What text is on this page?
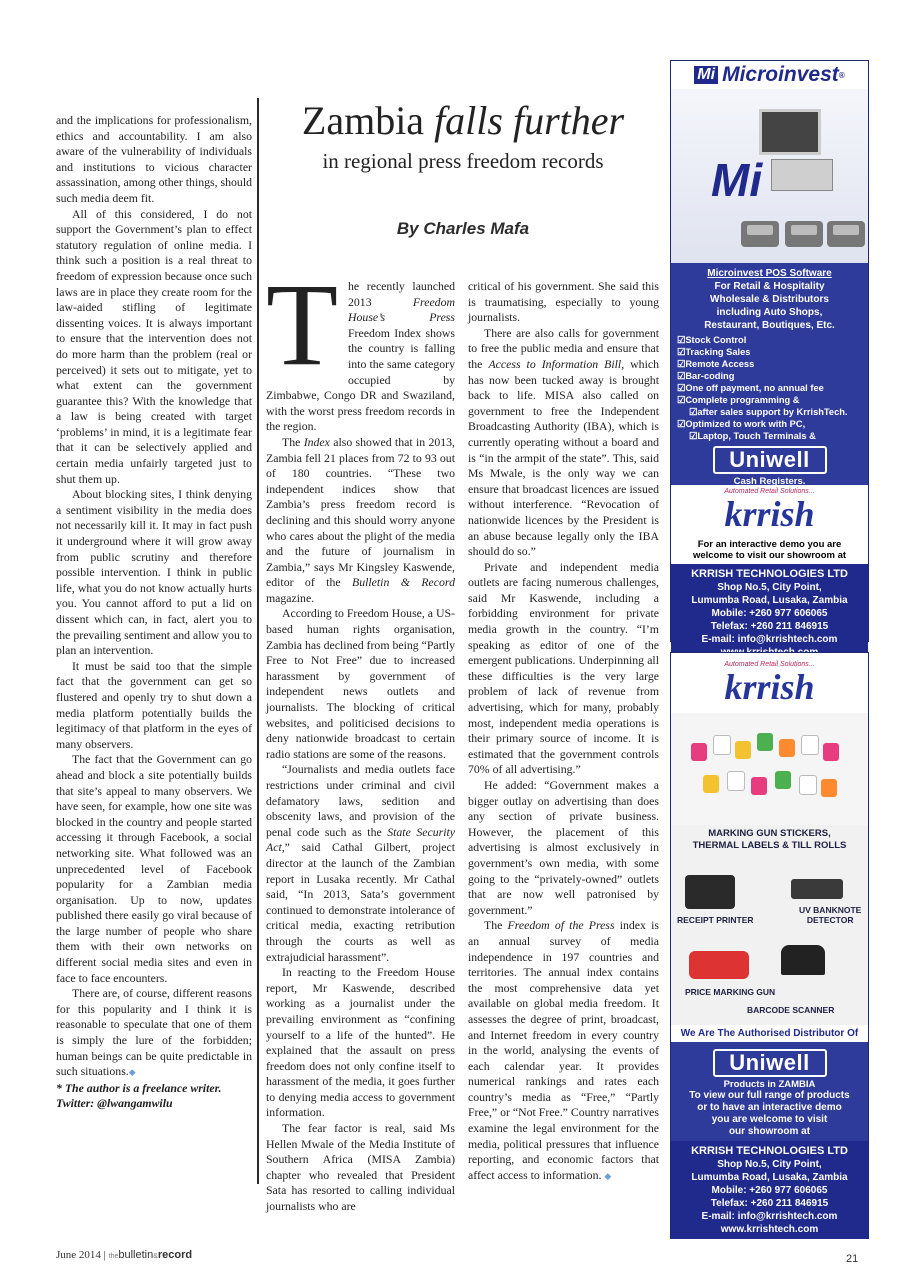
and the implications for professionalism, ethics and accountability. I am also aware of the vulnerability of individuals and institutions to vicious character assassination, among other things, should such media deem fit.

All of this considered, I do not support the Government’s plan to effect statutory regulation of online media. I think such a position is a real threat to freedom of expression because once such laws are in place they create room for the law-aided stifling of legitimate dissenting voices. It is always important to ensure that the intervention does not do more harm than the problem (real or perceived) it sets out to mitigate, yet to what extent can the government guarantee this? With the knowledge that a law is being created with target ‘problems’ in mind, it is a legitimate fear that it can be selectively applied and certain media unfairly targeted just to shut them up.

About blocking sites, I think denying a sentiment visibility in the media does not necessarily kill it. It may in fact push it underground where it will grow away from public scrutiny and therefore possible intervention. I think in public life, what you do not know actually hurts you. You cannot afford to put a lid on dissent which can, in fact, alert you to the prevailing sentiment and allow you to plan an intervention.

It must be said too that the simple fact that the government can get so flustered and openly try to shut down a media platform potentially builds the legitimacy of that platform in the eyes of many observers.

The fact that the Government can go ahead and block a site potentially builds that site’s appeal to many observers. We have seen, for example, how one site was blocked in the country and people started accessing it through Facebook, a social networking site. What followed was an unprecedented level of Facebook popularity for a Zambian media organisation. Up to now, updates published there easily go viral because of the large number of people who share them with their own networks on different social media sites and even in face to face encounters.

There are, of course, different reasons for this popularity and I think it is reasonable to speculate that one of them is simply the lure of the forbidden; human beings can be quite predictable in such situations.◆

* The author is a freelance writer.
Twitter: @lwangamwilu

Zambia falls further
in regional press freedom records
By Charles Mafa

The recently launched 2013 Freedom House’s Press Freedom Index shows the country is falling into the same category occupied by Zimbabwe, Congo DR and Swaziland, with the worst press freedom records in the region.

The Index also showed that in 2013, Zambia fell 21 places from 72 to 93 out of 180 countries. “These two independent indices show that Zambia’s press freedom record is declining and this should worry anyone who cares about the plight of the media and the future of journalism in Zambia,” says Mr Kingsley Kaswende, editor of the Bulletin & Record magazine.

According to Freedom House, a US-based human rights organisation, Zambia has declined from being “Partly Free to Not Free” due to increased harassment by government of independent news outlets and journalists. The blocking of critical websites, and politicised decisions to deny nationwide broadcast to certain radio stations are some of the reasons.

“Journalists and media outlets face restrictions under criminal and civil defamatory laws, sedition and obscenity laws, and provision of the penal code such as the State Security Act,” said Cathal Gilbert, project director at the launch of the Zambian report in Lusaka recently. Mr Cathal said, “In 2013, Sata’s government continued to demonstrate intolerance of critical media, exacting retribution through the courts as well as extrajudicial harassment”.

In reacting to the Freedom House report, Mr Kaswende, described working as a journalist under the prevailing environment as “confining yourself to a life of the hunted”. He explained that the assault on press freedom does not only confine itself to harassment of the media, it goes further to denying media access to government information.

The fear factor is real, said Ms Hellen Mwale of the Media Institute of Southern Africa (MISA Zambia) chapter who revealed that President Sata has resorted to calling individual journalists who are

critical of his government. She said this is traumatising, especially to young journalists.

There are also calls for government to free the public media and ensure that the Access to Information Bill, which has now been tucked away is brought back to life. MISA also called on government to free the Independent Broadcasting Authority (IBA), which is currently operating without a board and is “in the armpit of the state”. This, said Ms Mwale, is the only way we can ensure that broadcast licences are issued without interference. “Revocation of nationwide licences by the President is an abuse because legally only the IBA should do so.”

Private and independent media outlets are facing numerous challenges, said Mr Kaswende, including a forbidding environment for private media growth in the country. “I’m speaking as editor of one of the emergent publications. Underpinning all these difficulties is the very large problem of lack of revenue from advertising, which for many, probably most, independent media operations is their primary source of income. It is estimated that the government controls 70% of all advertising.”

He added: “Government makes a bigger outlay on advertising than does any section of private business. However, the placement of this advertising is almost exclusively in government’s own media, with some going to the “privately-owned” outlets that are now well patronised by government.”

The Freedom of the Press index is an annual survey of media independence in 197 countries and territories. The annual index contains the most comprehensive data yet available on global media freedom. It assesses the degree of print, broadcast, and Internet freedom in every country in the world, analysing the events of each calendar year. It provides numerical rankings and rates each country’s media as “Free,” “Partly Free,” or “Not Free.” Country narratives examine the legal environment for the media, political pressures that influence reporting, and economic factors that affect access to information. ◆

Mi Microinvest ®
Mi
Microinvest POS Software
For Retail & Hospitality
Wholesale & Distributors
including Auto Shops,
Restaurant, Boutiques, Etc.
☑ Stock Control
☑ Tracking Sales
☑ Remote Access
☑ Bar-coding
☑ One off payment, no annual fee
☑ Complete programming &
☑ after sales support by KrrishTech.
☑ Optimized to work with PC,
☑ Laptop, Touch Terminals &
Uniwell
Cash Registers.
Automated Retail Solutions...
krrish
For an interactive demo you are
welcome to visit our showroom at
KRRISH TECHNOLOGIES LTD
Shop No.5, City Point,
Lumumba Road, Lusaka, Zambia
Mobile: +260 977 606065
Telefax: +260 211 846915
E-mail: info@krrishtech.com
Automated Retail Solutions...
krrish
MARKING GUN STICKERS,
THERMAL LABELS & TILL ROLLS
RECEIPT PRINTER
UV BANKNOTE
DETECTOR
PRICE MARKING GUN
BARCODE SCANNER
We Are The Authorised Distributor Of
Uniwell
Products in ZAMBIA
To view our full range of products
or to have an interactive demo
you are welcome to visit
our showroom at
KRRISH TECHNOLOGIES LTD
Shop No.5, City Point,
Lumumba Road, Lusaka, Zambia
Mobile: +260 977 606065
Telefax: +260 211 846915
E-mail: info@krrishtech.com
www.krrishtech.com
June 2014 | thebulletin&record	21
